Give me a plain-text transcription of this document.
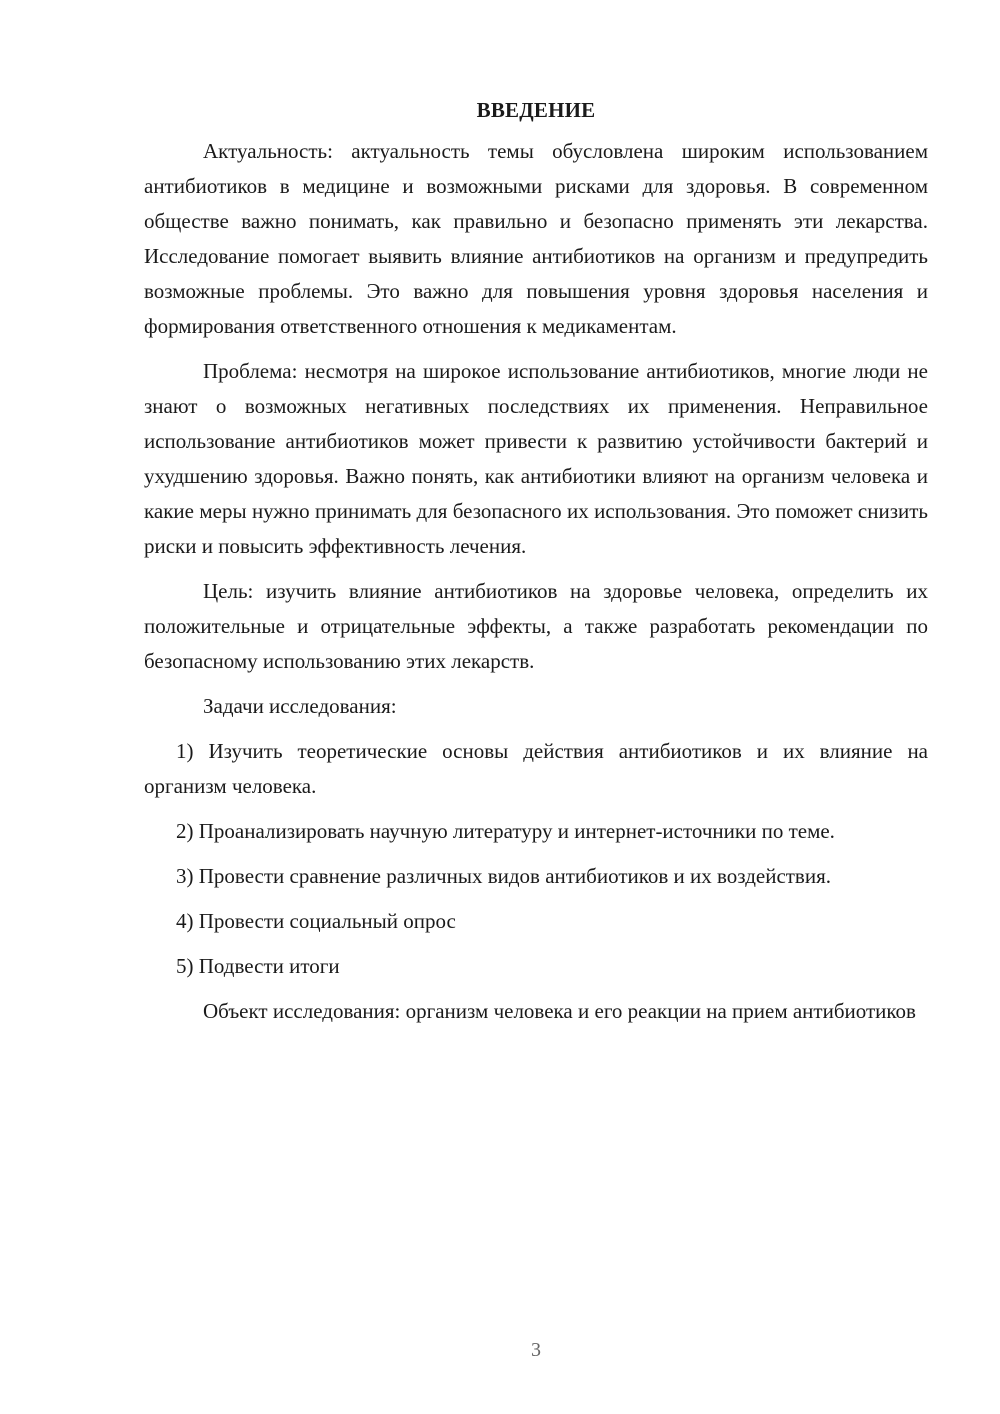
ВВЕДЕНИЕ

Актуальность: актуальность темы обусловлена широким использованием антибиотиков в медицине и возможными рисками для здоровья. В современном обществе важно понимать, как правильно и безопасно применять эти лекарства. Исследование помогает выявить влияние антибиотиков на организм и предупредить возможные проблемы. Это важно для повышения уровня здоровья населения и формирования ответственного отношения к медикаментам.

Проблема: несмотря на широкое использование антибиотиков, многие люди не знают о возможных негативных последствиях их применения. Неправильное использование антибиотиков может привести к развитию устойчивости бактерий и ухудшению здоровья. Важно понять, как антибиотики влияют на организм человека и какие меры нужно принимать для безопасного их использования. Это поможет снизить риски и повысить эффективность лечения.

Цель: изучить влияние антибиотиков на здоровье человека, определить их положительные и отрицательные эффекты, а также разработать рекомендации по безопасному использованию этих лекарств.

Задачи исследования:

1) Изучить теоретические основы действия антибиотиков и их влияние на организм человека.

2) Проанализировать научную литературу и интернет-источники по теме.

3) Провести сравнение различных видов антибиотиков и их воздействия.

4) Провести социальный опрос

5) Подвести итоги

Объект исследования: организм человека и его реакции на прием антибиотиков

3
